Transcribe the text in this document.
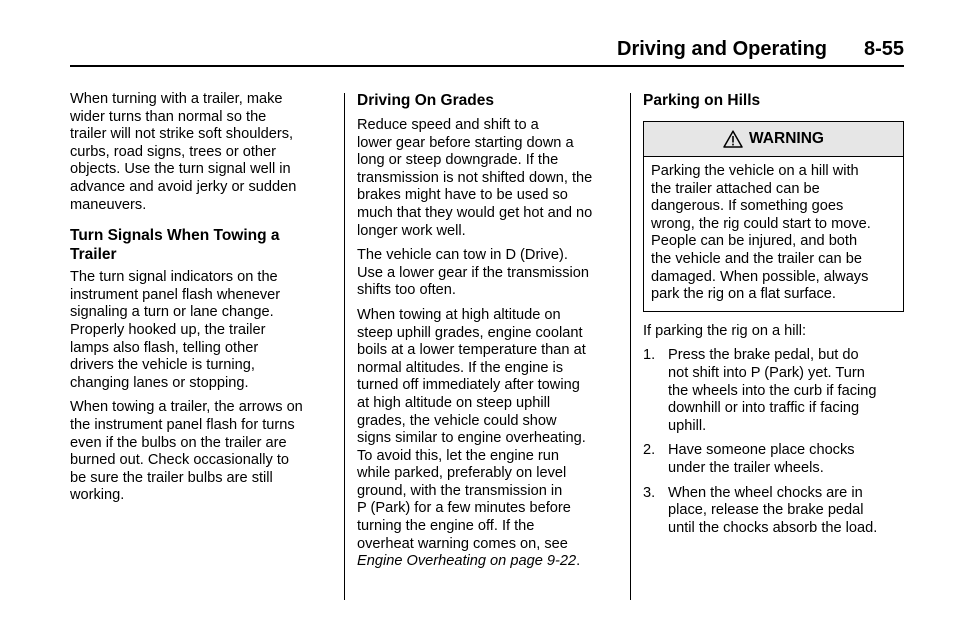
Driving and Operating 8-55

When turning with a trailer, make
wider turns than normal so the
trailer will not strike soft shoulders,
curbs, road signs, trees or other
objects. Use the turn signal well in
advance and avoid jerky or sudden
maneuvers.

Turn Signals When Towing a
Trailer

The turn signal indicators on the
instrument panel flash whenever
signaling a turn or lane change.
Properly hooked up, the trailer
lamps also flash, telling other
drivers the vehicle is turning,
changing lanes or stopping.

When towing a trailer, the arrows on
the instrument panel flash for turns
even if the bulbs on the trailer are
burned out. Check occasionally to
be sure the trailer bulbs are still
working.

Driving On Grades

Reduce speed and shift to a
lower gear before starting down a
long or steep downgrade. If the
transmission is not shifted down, the
brakes might have to be used so
much that they would get hot and no
longer work well.

The vehicle can tow in D (Drive).
Use a lower gear if the transmission
shifts too often.

When towing at high altitude on
steep uphill grades, engine coolant
boils at a lower temperature than at
normal altitudes. If the engine is
turned off immediately after towing
at high altitude on steep uphill
grades, the vehicle could show
signs similar to engine overheating.
To avoid this, let the engine run
while parked, preferably on level
ground, with the transmission in
P (Park) for a few minutes before
turning the engine off. If the
overheat warning comes on, see
Engine Overheating on page 9-22.

Parking on Hills
WARNING
Parking the vehicle on a hill with
the trailer attached can be
dangerous. If something goes
wrong, the rig could start to move.
People can be injured, and both
the vehicle and the trailer can be
damaged. When possible, always
park the rig on a flat surface.

If parking the rig on a hill:

1. Press the brake pedal, but do
not shift into P (Park) yet. Turn
the wheels into the curb if facing
downhill or into traffic if facing
uphill.
2. Have someone place chocks
under the trailer wheels.
3. When the wheel chocks are in
place, release the brake pedal
until the chocks absorb the load.
